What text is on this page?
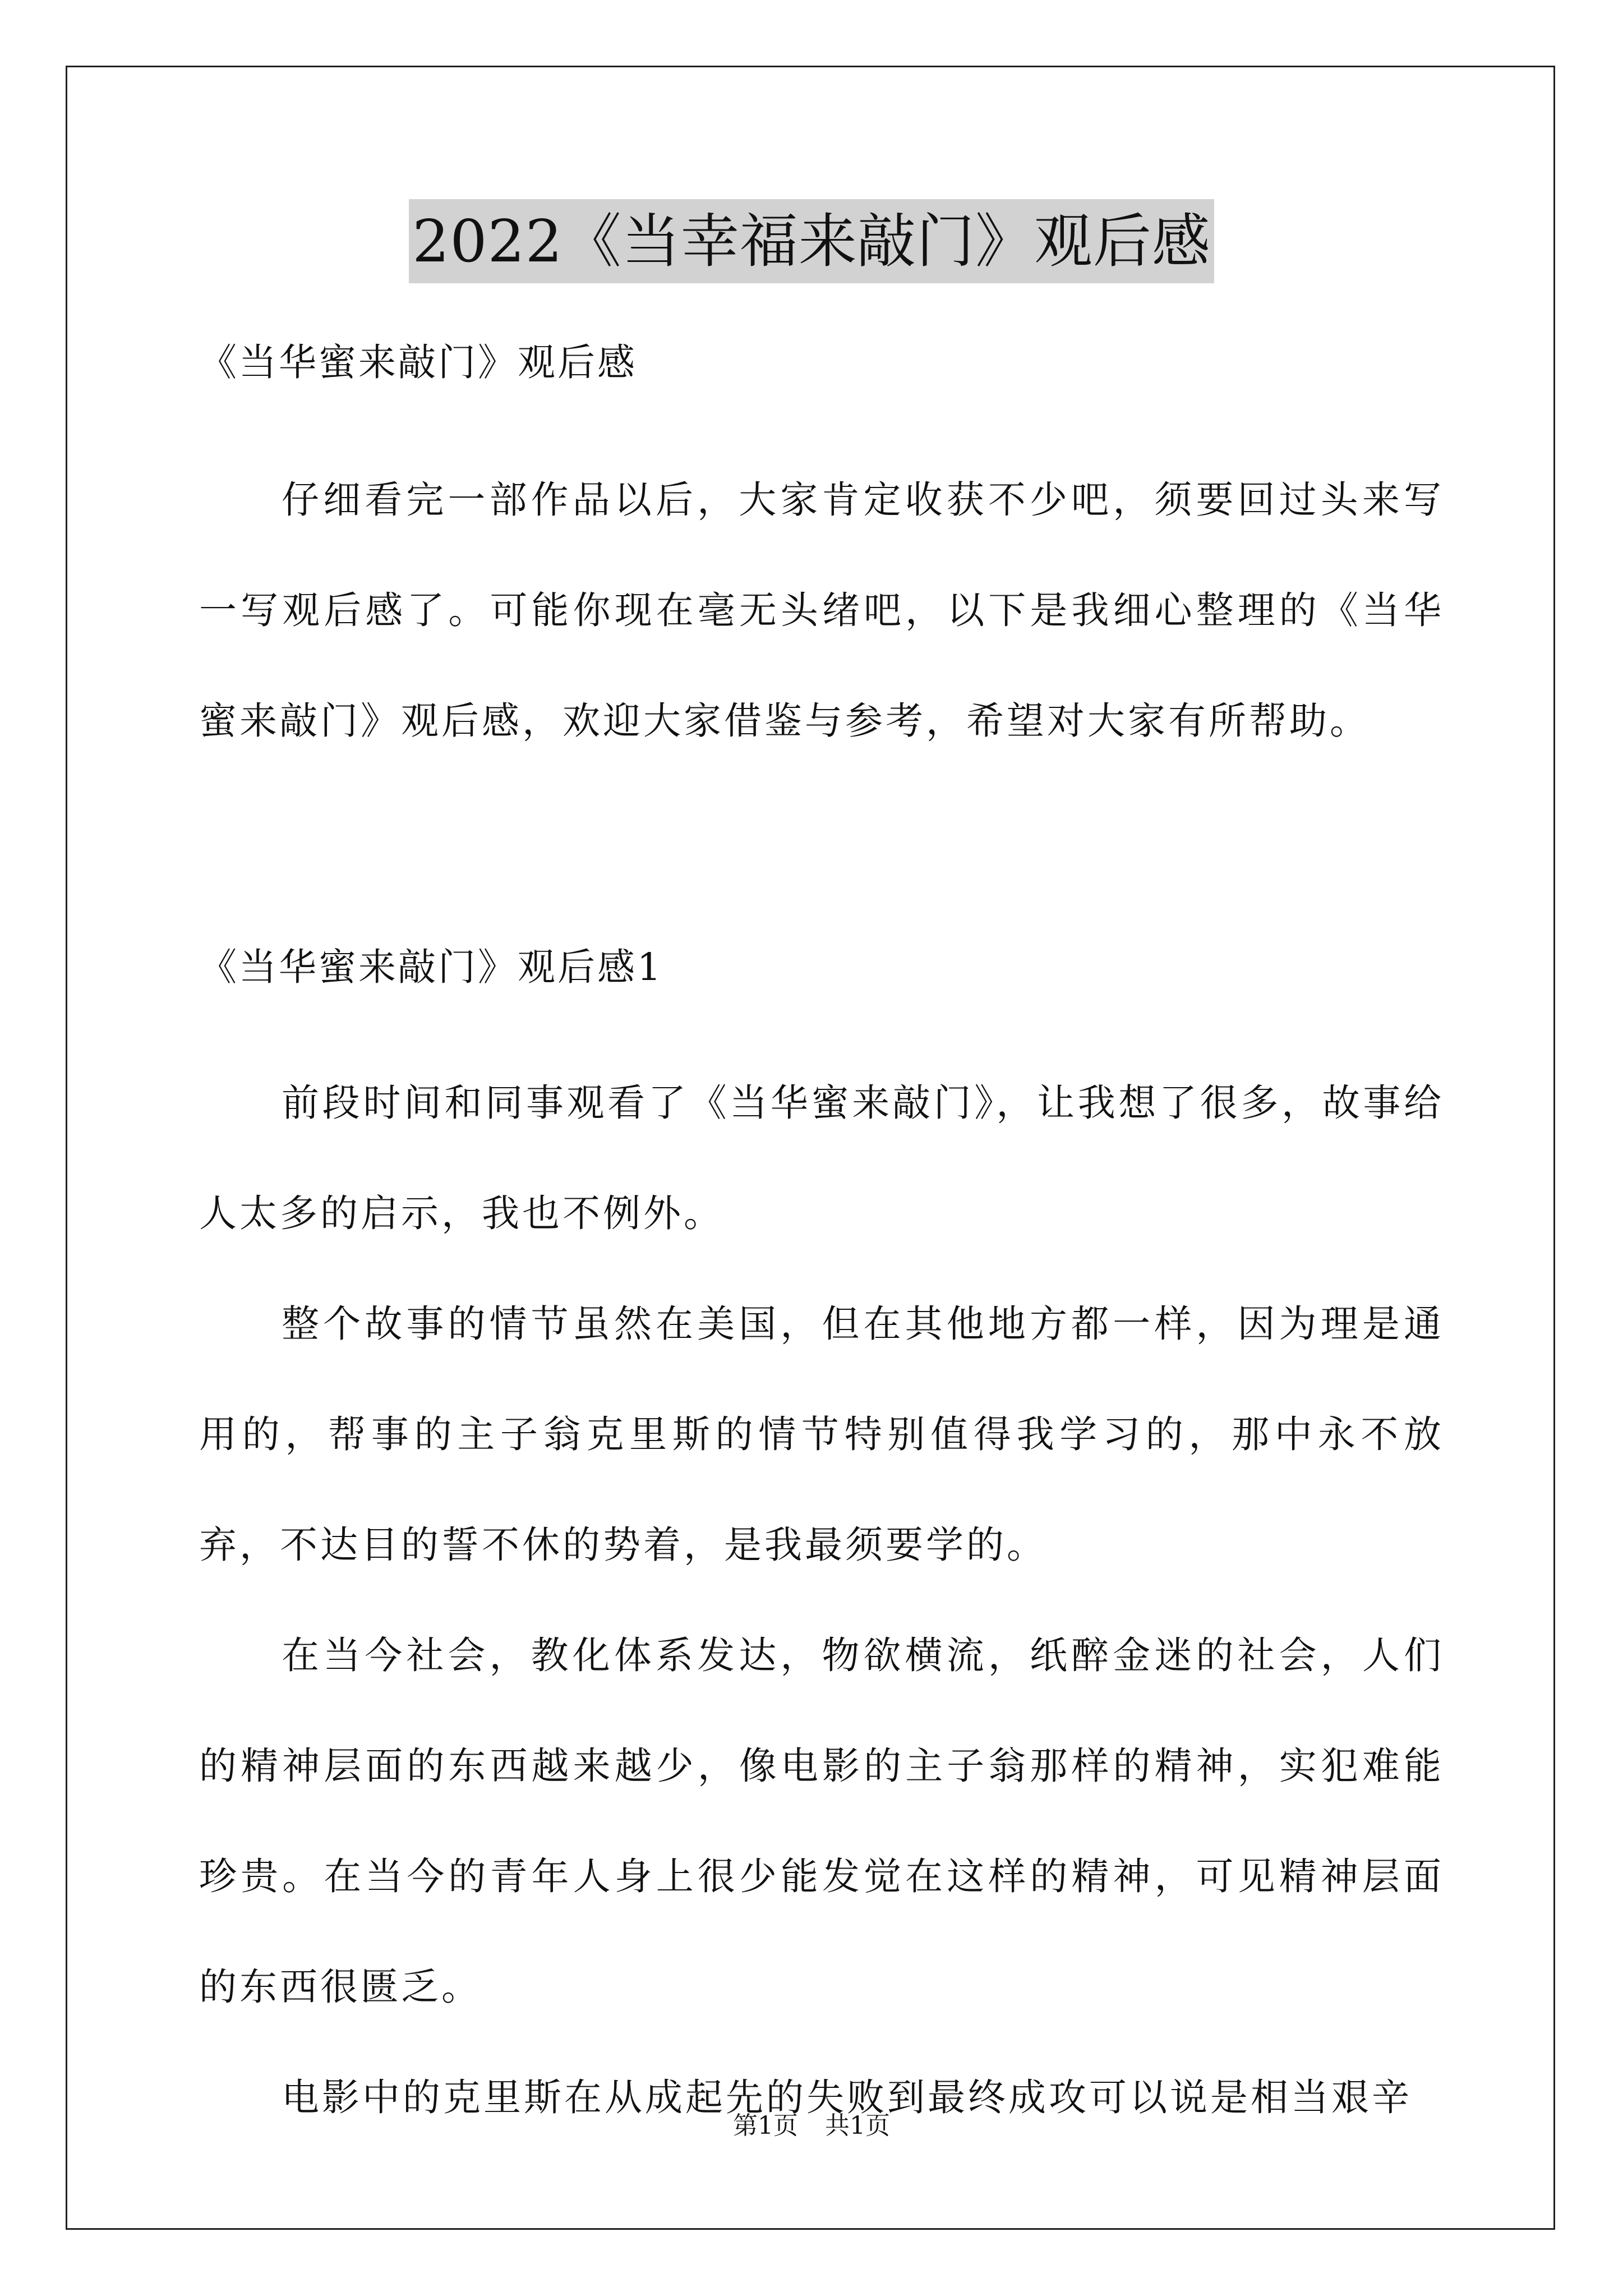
2022《当幸福来敲门》观后感

《当华蜜来敲门》观后感

仔细看完一部作品以后，大家肯定收获不少吧，须要回过头来写一写观后感了。可能你现在毫无头绪吧，以下是我细心整理的《当华蜜来敲门》观后感，欢迎大家借鉴与参考，希望对大家有所帮助。

《当华蜜来敲门》观后感1

前段时间和同事观看了《当华蜜来敲门》，让我想了很多，故事给人太多的启示，我也不例外。

整个故事的情节虽然在美国，但在其他地方都一样，因为理是通用的，帮事的主子翁克里斯的情节特别值得我学习的，那中永不放弃，不达目的誓不休的势着，是我最须要学的。

在当今社会，教化体系发达，物欲横流，纸醉金迷的社会，人们的精神层面的东西越来越少，像电影的主子翁那样的精神，实犯难能珍贵。在当今的青年人身上很少能发觉在这样的精神，可见精神层面的东西很匮乏。

电影中的克里斯在从成起先的失败到最终成攻可以说是相当艰辛

第1页 共1页
